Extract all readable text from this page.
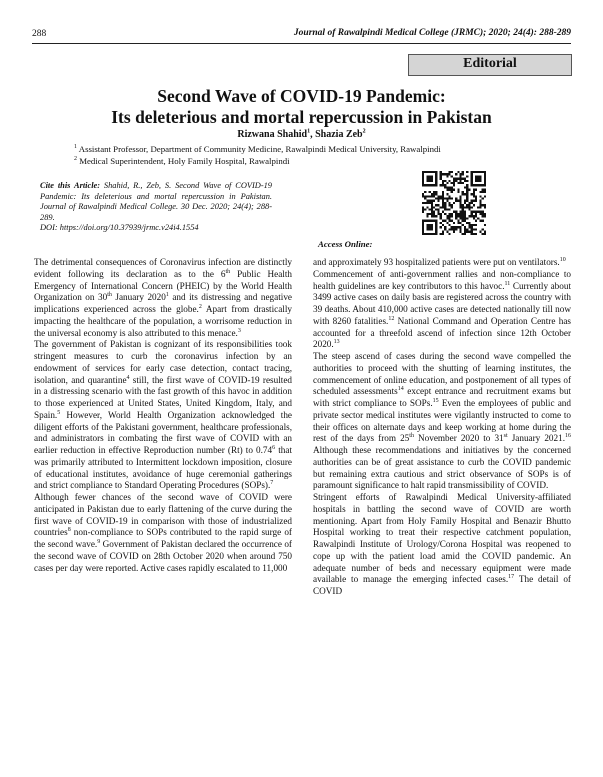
288	Journal of Rawalpindi Medical College (JRMC); 2020; 24(4): 288-289
Editorial
Second Wave of COVID-19 Pandemic:
Its deleterious and mortal repercussion in Pakistan
Rizwana Shahid$^1$, Shazia Zeb$^2$
$^1$ Assistant Professor, Department of Community Medicine, Rawalpindi Medical University, Rawalpindi
$^2$ Medical Superintendent, Holy Family Hospital, Rawalpindi
Cite this Article: Shahid, R., Zeb, S. Second Wave of COVID-19 Pandemic: Its deleterious and mortal repercussion in Pakistan. Journal of Rawalpindi Medical College. 30 Dec. 2020; 24(4); 288-289.
DOI: https://doi.org/10.37939/jrmc.v24i4.1554
Access Online:

The detrimental consequences of Coronavirus infection are distinctly evident following its declaration as to the 6th Public Health Emergency of International Concern (PHEIC) by the World Health Organization on 30th January 2020$^1$ and its distressing and negative implications experienced across the globe.$^2$ Apart from drastically impacting the healthcare of the population, a worrisome reduction in the universal economy is also attributed to this menace.$^3$

The government of Pakistan is cognizant of its responsibilities took stringent measures to curb the coronavirus infection by an endowment of services for early case detection, contact tracing, isolation, and quarantine$^4$ still, the first wave of COVID-19 resulted in a distressing scenario with the fast growth of this havoc in addition to those experienced at United States, United Kingdom, Italy, and Spain.$^5$ However, World Health Organization acknowledged the diligent efforts of the Pakistani government, healthcare professionals, and administrators in combating the first wave of COVID with an earlier reduction in effective Reproduction number (Rt) to 0.74$^6$ that was primarily attributed to Intermittent lockdown imposition, closure of educational institutes, avoidance of huge ceremonial gatherings and strict compliance to Standard Operating Procedures (SOPs).$^7$

Although fewer chances of the second wave of COVID were anticipated in Pakistan due to early flattening of the curve during the first wave of COVID-19 in comparison with those of industrialized countries$^8$ non-compliance to SOPs contributed to the rapid surge of the second wave.$^9$ Government of Pakistan declared the occurrence of the second wave of COVID on 28th October 2020 when around 750 cases per day were reported. Active cases rapidly escalated to 11,000

and approximately 93 hospitalized patients were put on ventilators.$^{10}$

Commencement of anti-government rallies and non-compliance to health guidelines are key contributors to this havoc.$^{11}$ Currently about 3499 active cases on daily basis are registered across the country with 39 deaths. About 410,000 active cases are detected nationally till now with 8260 fatalities.$^{12}$ National Command and Operation Centre has accounted for a threefold ascend of infection since 12th October 2020.13

The steep ascend of cases during the second wave compelled the authorities to proceed with the shutting of learning institutes, the commencement of online education, and postponement of all types of scheduled assessments$^{14}$ except entrance and recruitment exams but with strict compliance to SOPs.$^{15}$ Even the employees of public and private sector medical institutes were vigilantly instructed to come to their offices on alternate days and keep working at home during the rest of the days from 25th November 2020 to 31st January 2021.16 Although these recommendations and initiatives by the concerned authorities can be of great assistance to curb the COVID pandemic but remaining extra cautious and strict observance of SOPs is of paramount significance to halt rapid transmissibility of COVID.

Stringent efforts of Rawalpindi Medical University-affiliated hospitals in battling the second wave of COVID are worth mentioning. Apart from Holy Family Hospital and Benazir Bhutto Hospital working to treat their respective catchment population, Rawalpindi Institute of Urology/Corona Hospital was reopened to cope up with the patient load amid the COVID pandemic. An adequate number of beds and necessary equipment were made available to manage the emerging infected cases.$^{17}$ The detail of COVID
